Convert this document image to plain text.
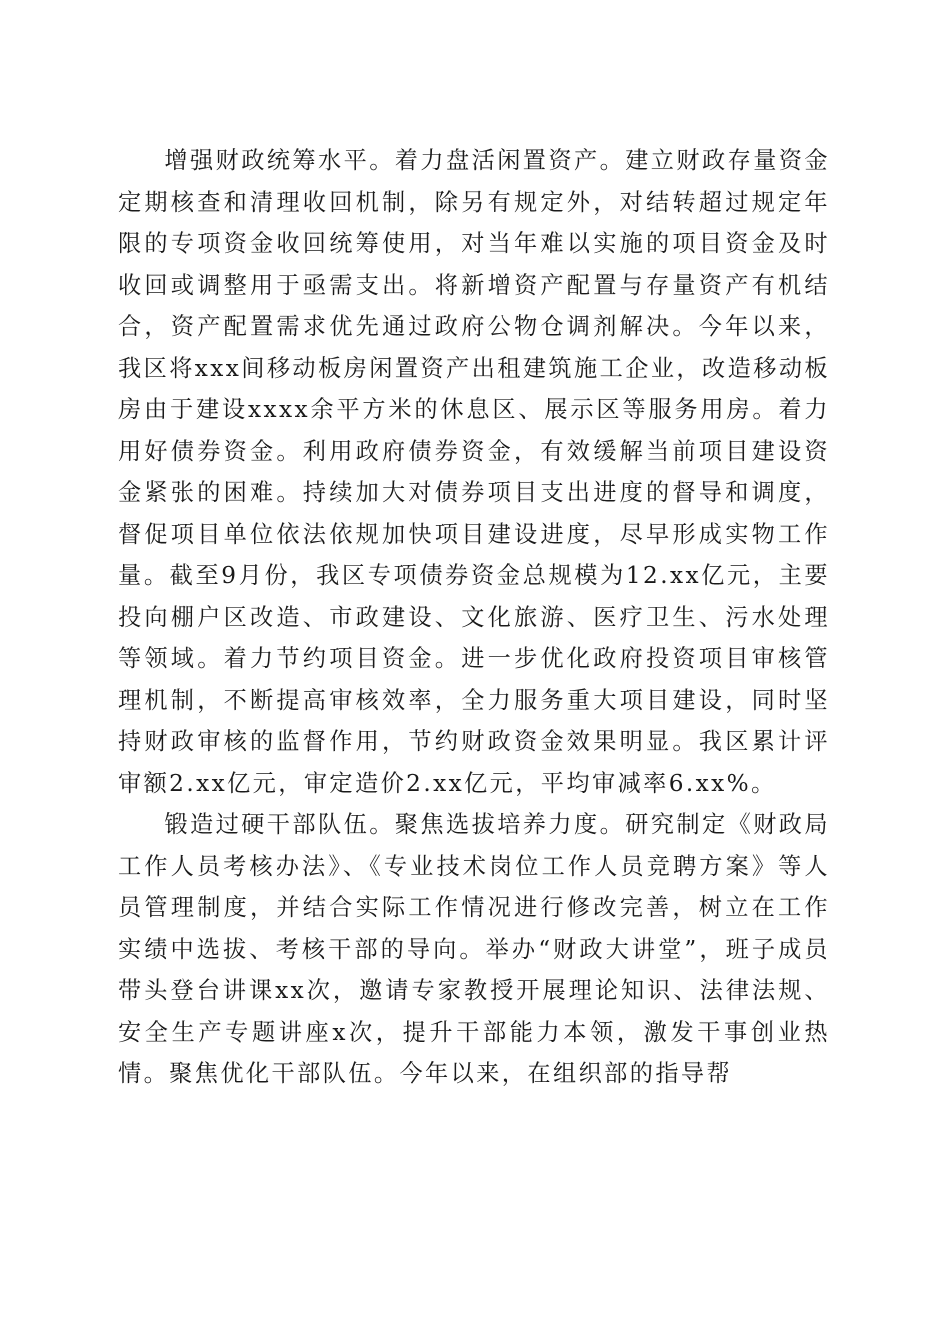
增强财政统筹水平。着力盘活闲置资产。建立财政存量资金定期核查和清理收回机制，除另有规定外，对结转超过规定年限的专项资金收回统筹使用，对当年难以实施的项目资金及时收回或调整用于亟需支出。将新增资产配置与存量资产有机结合，资产配置需求优先通过政府公物仓调剂解决。今年以来，我区将xxx间移动板房闲置资产出租建筑施工企业，改造移动板房由于建设xxxx余平方米的休息区、展示区等服务用房。着力用好债券资金。利用政府债券资金，有效缓解当前项目建设资金紧张的困难。持续加大对债券项目支出进度的督导和调度，督促项目单位依法依规加快项目建设进度，尽早形成实物工作量。截至9月份，我区专项债券资金总规模为12.xx亿元，主要投向棚户区改造、市政建设、文化旅游、医疗卫生、污水处理等领域。着力节约项目资金。进一步优化政府投资项目审核管理机制，不断提高审核效率，全力服务重大项目建设，同时坚持财政审核的监督作用，节约财政资金效果明显。我区累计评审额2.xx亿元，审定造价2.xx亿元，平均审减率6.xx%。

锻造过硬干部队伍。聚焦选拔培养力度。研究制定《财政局工作人员考核办法》、《专业技术岗位工作人员竞聘方案》等人员管理制度，并结合实际工作情况进行修改完善，树立在工作实绩中选拔、考核干部的导向。举办“财政大讲堂”，班子成员带头登台讲课xx次，邀请专家教授开展理论知识、法律法规、安全生产专题讲座x次，提升干部能力本领，激发干事创业热情。聚焦优化干部队伍。今年以来，在组织部的指导帮
